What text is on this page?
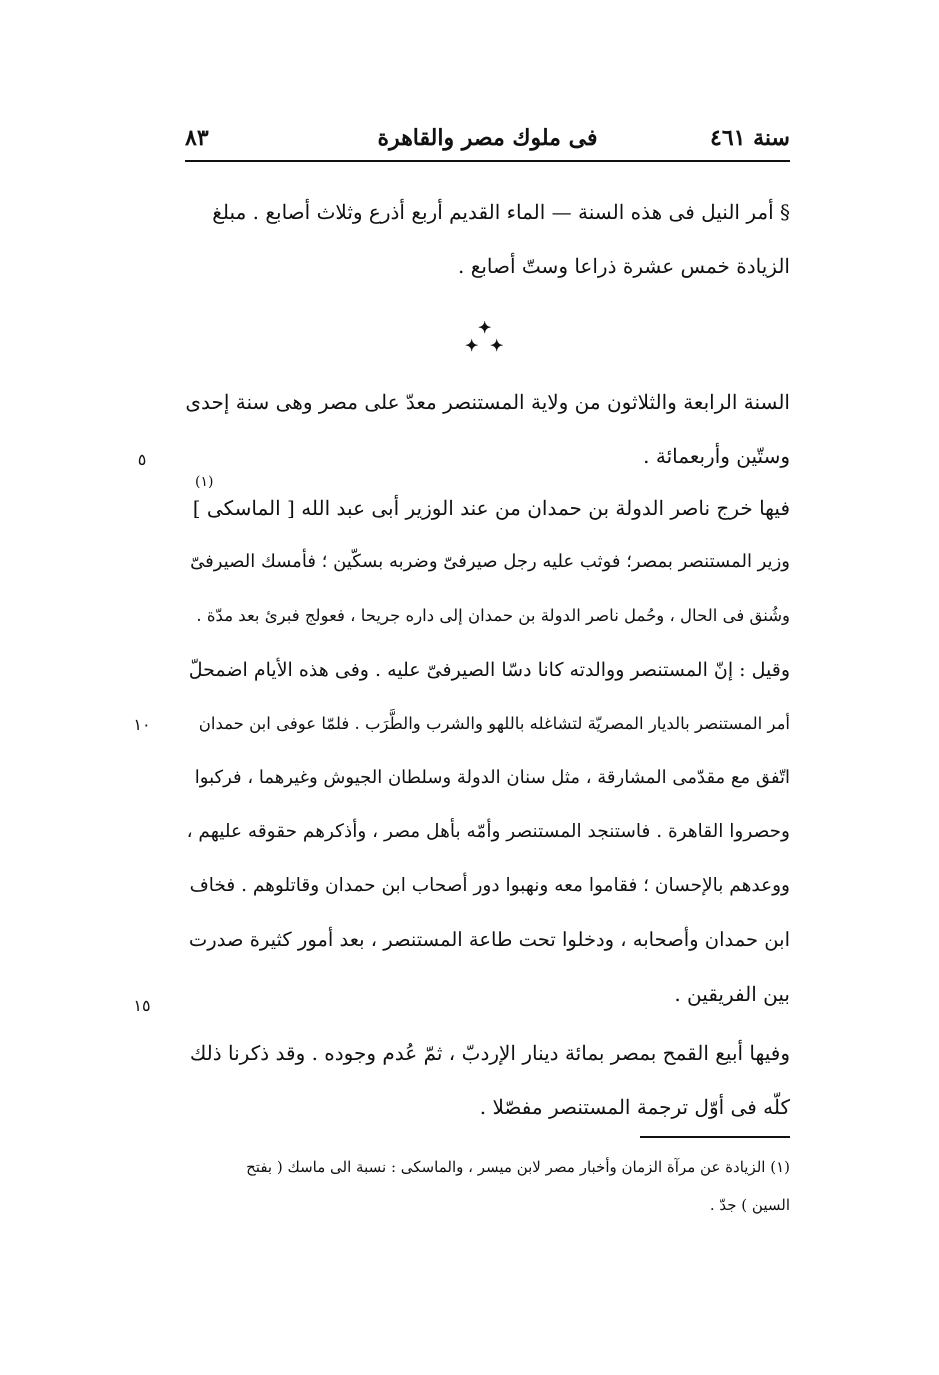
سنة ٤٦١
فى ملوك مصر والقاهرة
٨٣
§ أمر النيل فى هذه السنة — الماء القديم أربع أذرع وثلاث أصابع . مبلغ
الزيادة خمس عشرة ذراعا وستّ أصابع .
✦
✦ ✦
السنة الرابعة والثلاثون من ولاية المستنصر معدّ على مصر وهى سنة إحدى
وستّين وأربعمائة .
(١)
فيها خرج ناصر الدولة بن حمدان من عند الوزير أبى عبد الله [ الماسكى ]
وزير المستنصر بمصر؛ فوثب عليه رجل صيرفىّ وضربه بسكّين ؛ فأمسك الصيرفىّ
وشُنق فى الحال ، وحُمل ناصر الدولة بن حمدان إلى داره جريحا ، فعولج فبرئ بعد مدّة .
وقيل : إنّ المستنصر ووالدته كانا دسّا الصيرفىّ عليه . وفى هذه الأيام اضمحلّ
أمر المستنصر بالديار المصريّة لتشاغله باللهو والشرب والطَّرَب . فلمّا عوفى ابن حمدان
اتّفق مع مقدّمى المشارقة ، مثل سنان الدولة وسلطان الجيوش وغيرهما ، فركبوا
وحصروا القاهرة . فاستنجد المستنصر وأمّه بأهل مصر ، وأذكرهم حقوقه عليهم ،
ووعدهم بالإحسان ؛ فقاموا معه ونهبوا دور أصحاب ابن حمدان وقاتلوهم . فخاف
ابن حمدان وأصحابه ، ودخلوا تحت طاعة المستنصر ، بعد أمور كثيرة صدرت
بين الفريقين .
وفيها أبيع القمح بمصر بمائة دينار الإردبّ ، ثمّ عُدم وجوده . وقد ذكرنا ذلك
كلّه فى أوّل ترجمة المستنصر مفصّلا .
٥
١٠
١٥
(١) الزيادة عن مرآة الزمان وأخبار مصر لابن ميسر ، والماسكى : نسبة الى ماسك ( بفتح
السين ) جدّ .
